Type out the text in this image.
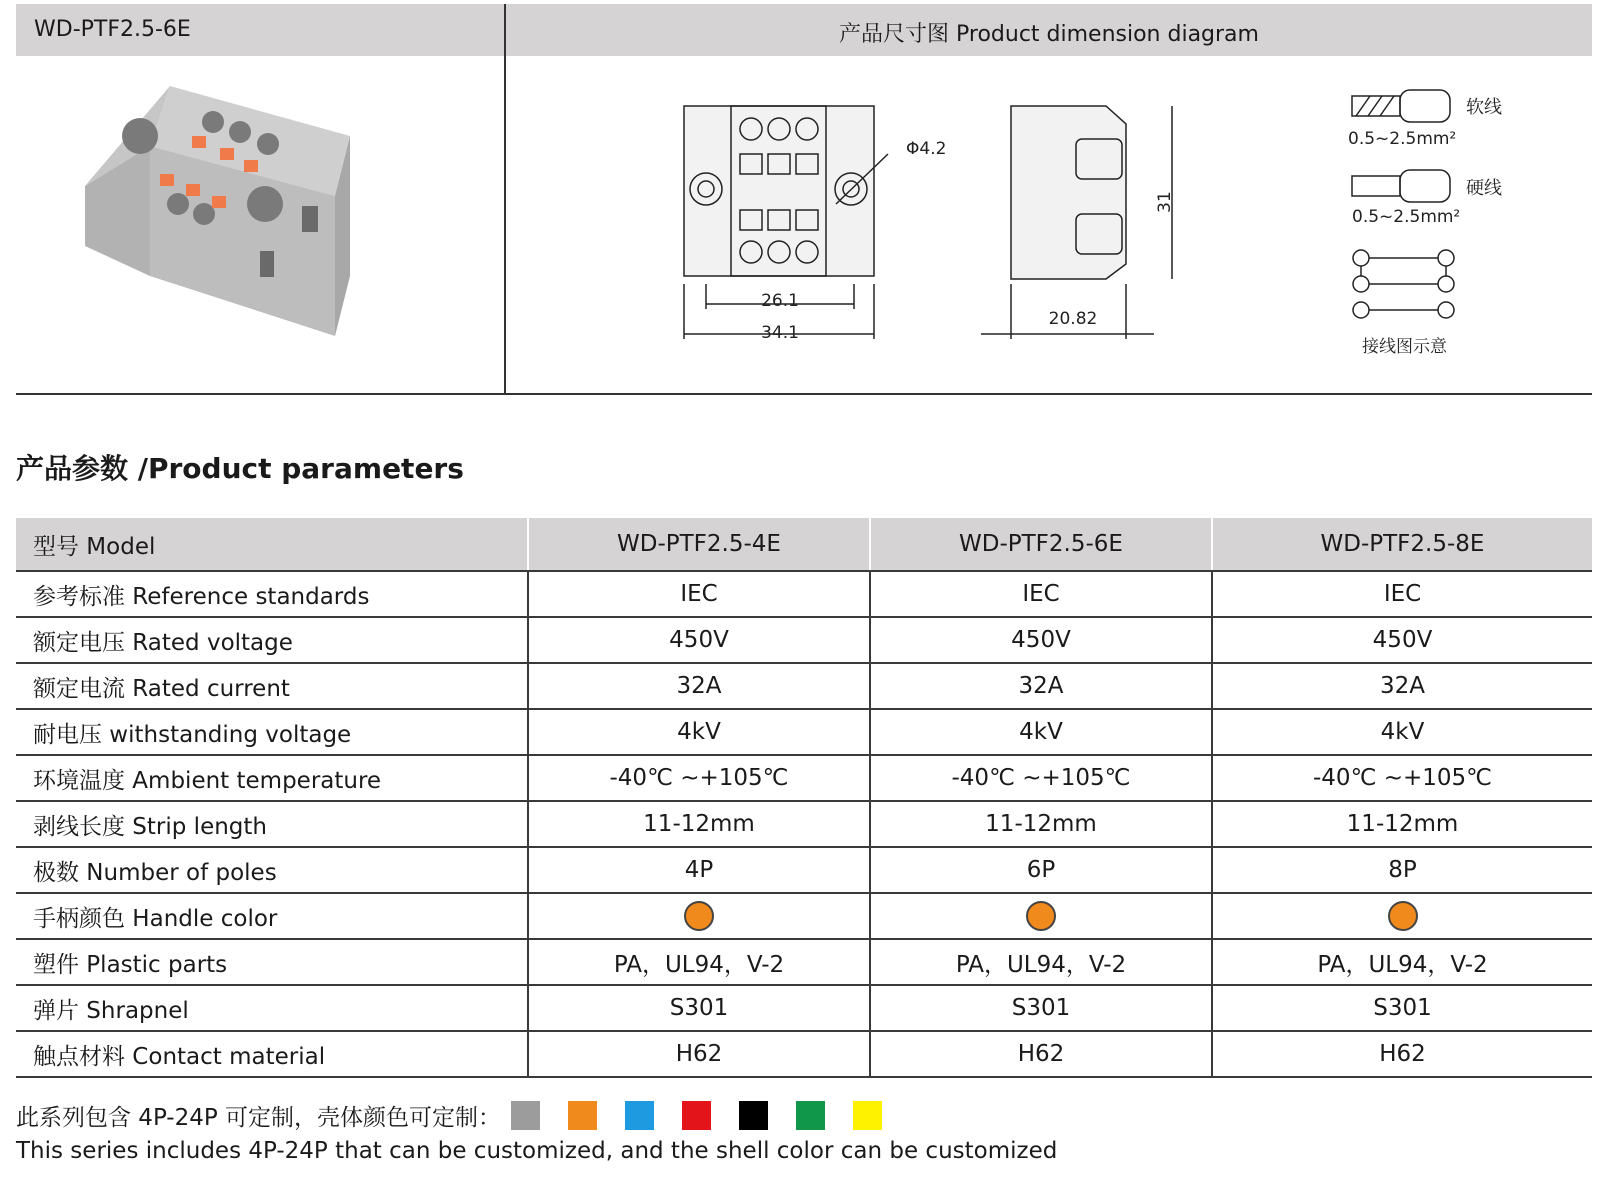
WD-PTF2.5-6E	产品尺寸图 Product dimension diagram
26.1
34.1
Φ4.2
20.82
31
软线
0.5~2.5mm²
硬线
0.5~2.5mm²
接线图示意
产品参数 /Product parameters
型号 Model	WD-PTF2.5-4E	WD-PTF2.5-6E	WD-PTF2.5-8E
参考标准 Reference standards	IEC	IEC	IEC
额定电压 Rated voltage	450V	450V	450V
额定电流 Rated current	32A	32A	32A
耐电压 withstanding voltage	4kV	4kV	4kV
环境温度 Ambient temperature	-40℃ ~+105℃	-40℃ ~+105℃	-40℃ ~+105℃
剥线长度 Strip length	11-12mm	11-12mm	11-12mm
极数 Number of poles	4P	6P	8P
手柄颜色 Handle color			
塑件 Plastic parts	PA，UL94，V-2	PA，UL94，V-2	PA，UL94，V-2
弹片 Shrapnel	S301	S301	S301
触点材料 Contact material	H62	H62	H62
此系列包含 4P-24P 可定制，壳体颜色可定制：
This series includes 4P-24P that can be customized, and the shell color can be customized
